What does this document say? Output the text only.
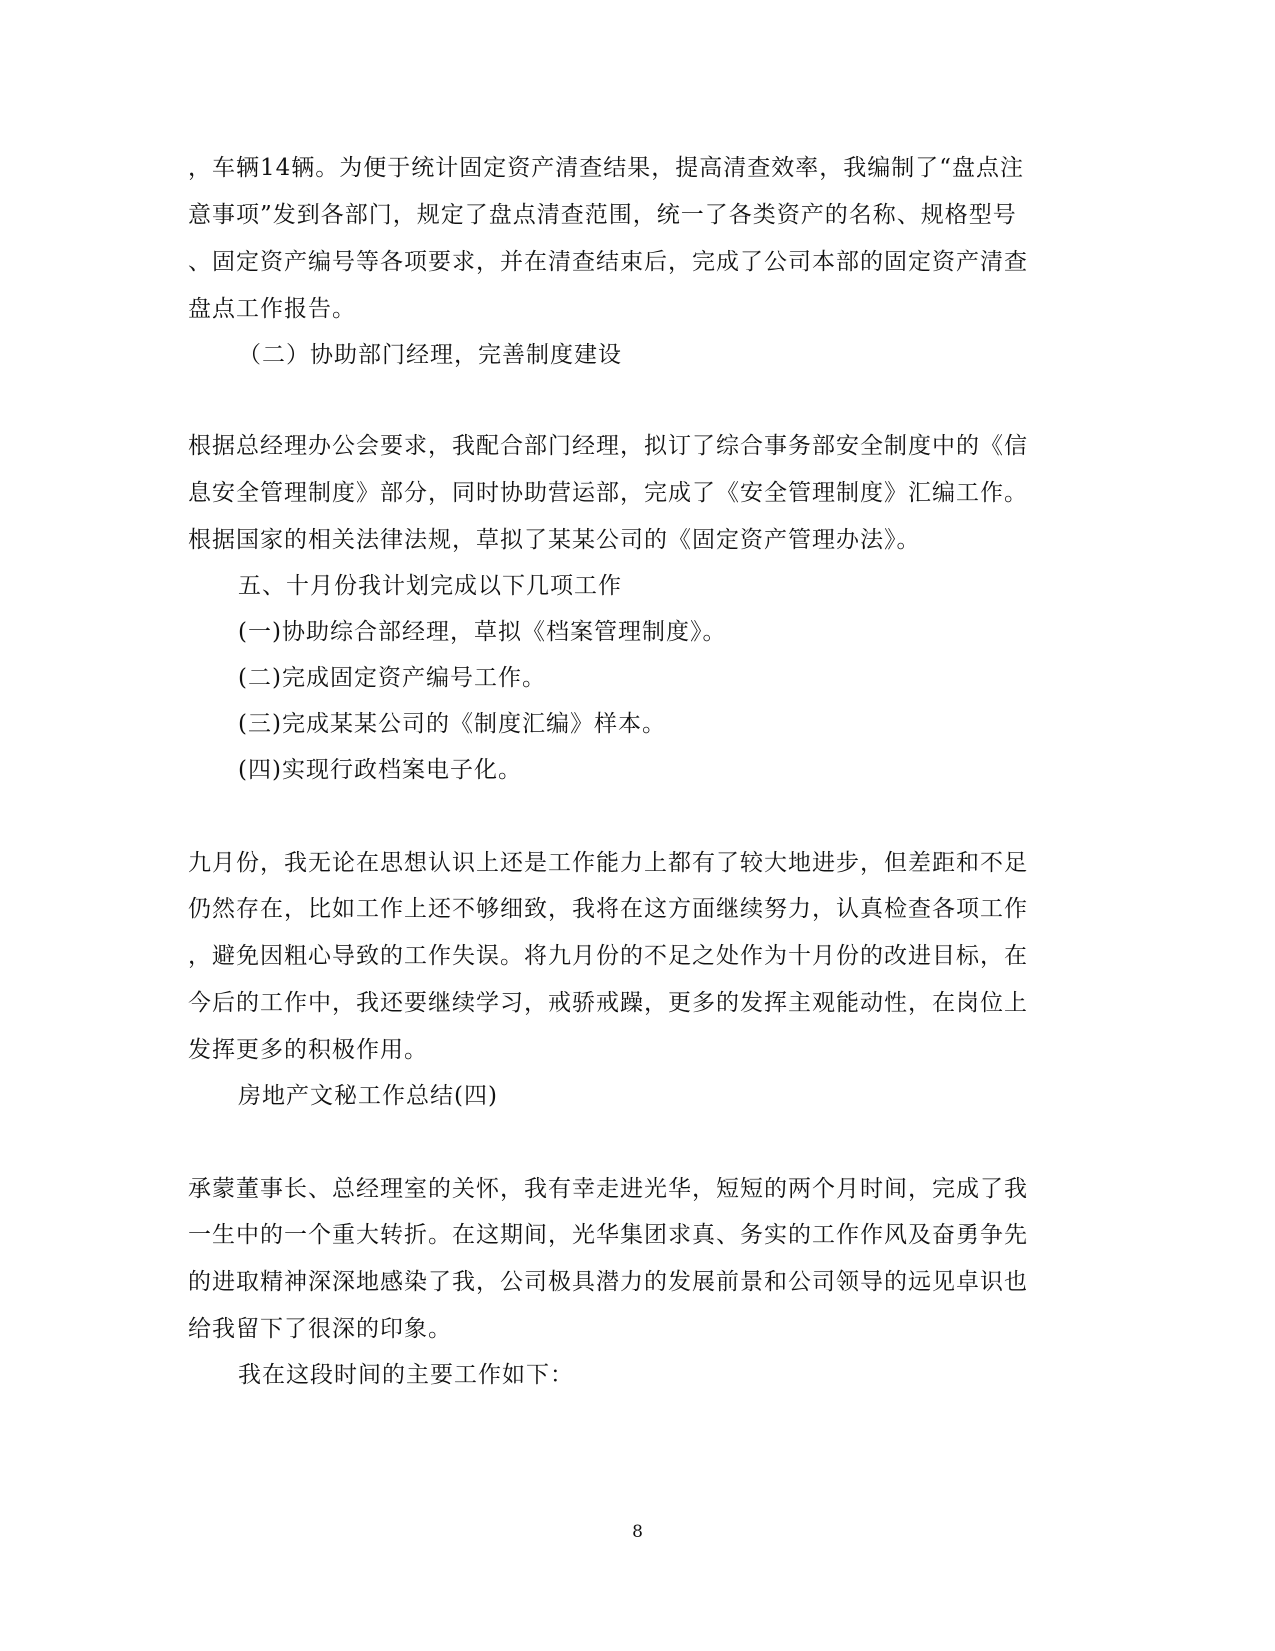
，车辆14辆。为便于统计固定资产清查结果，提高清查效率，我编制了“盘点注
意事项”发到各部门，规定了盘点清查范围，统一了各类资产的名称、规格型号
、固定资产编号等各项要求，并在清查结束后，完成了公司本部的固定资产清查
盘点工作报告。
（二）协助部门经理，完善制度建设
根据总经理办公会要求，我配合部门经理，拟订了综合事务部安全制度中的《信
息安全管理制度》部分，同时协助营运部，完成了《安全管理制度》汇编工作。
根据国家的相关法律法规，草拟了某某公司的《固定资产管理办法》。
五、十月份我计划完成以下几项工作
(一)协助综合部经理，草拟《档案管理制度》。
(二)完成固定资产编号工作。
(三)完成某某公司的《制度汇编》样本。
(四)实现行政档案电子化。
九月份，我无论在思想认识上还是工作能力上都有了较大地进步，但差距和不足
仍然存在，比如工作上还不够细致，我将在这方面继续努力，认真检查各项工作
，避免因粗心导致的工作失误。将九月份的不足之处作为十月份的改进目标，在
今后的工作中，我还要继续学习，戒骄戒躁，更多的发挥主观能动性，在岗位上
发挥更多的积极作用。
房地产文秘工作总结(四)
承蒙董事长、总经理室的关怀，我有幸走进光华，短短的两个月时间，完成了我
一生中的一个重大转折。在这期间，光华集团求真、务实的工作作风及奋勇争先
的进取精神深深地感染了我，公司极具潜力的发展前景和公司领导的远见卓识也
给我留下了很深的印象。
我在这段时间的主要工作如下：
8
